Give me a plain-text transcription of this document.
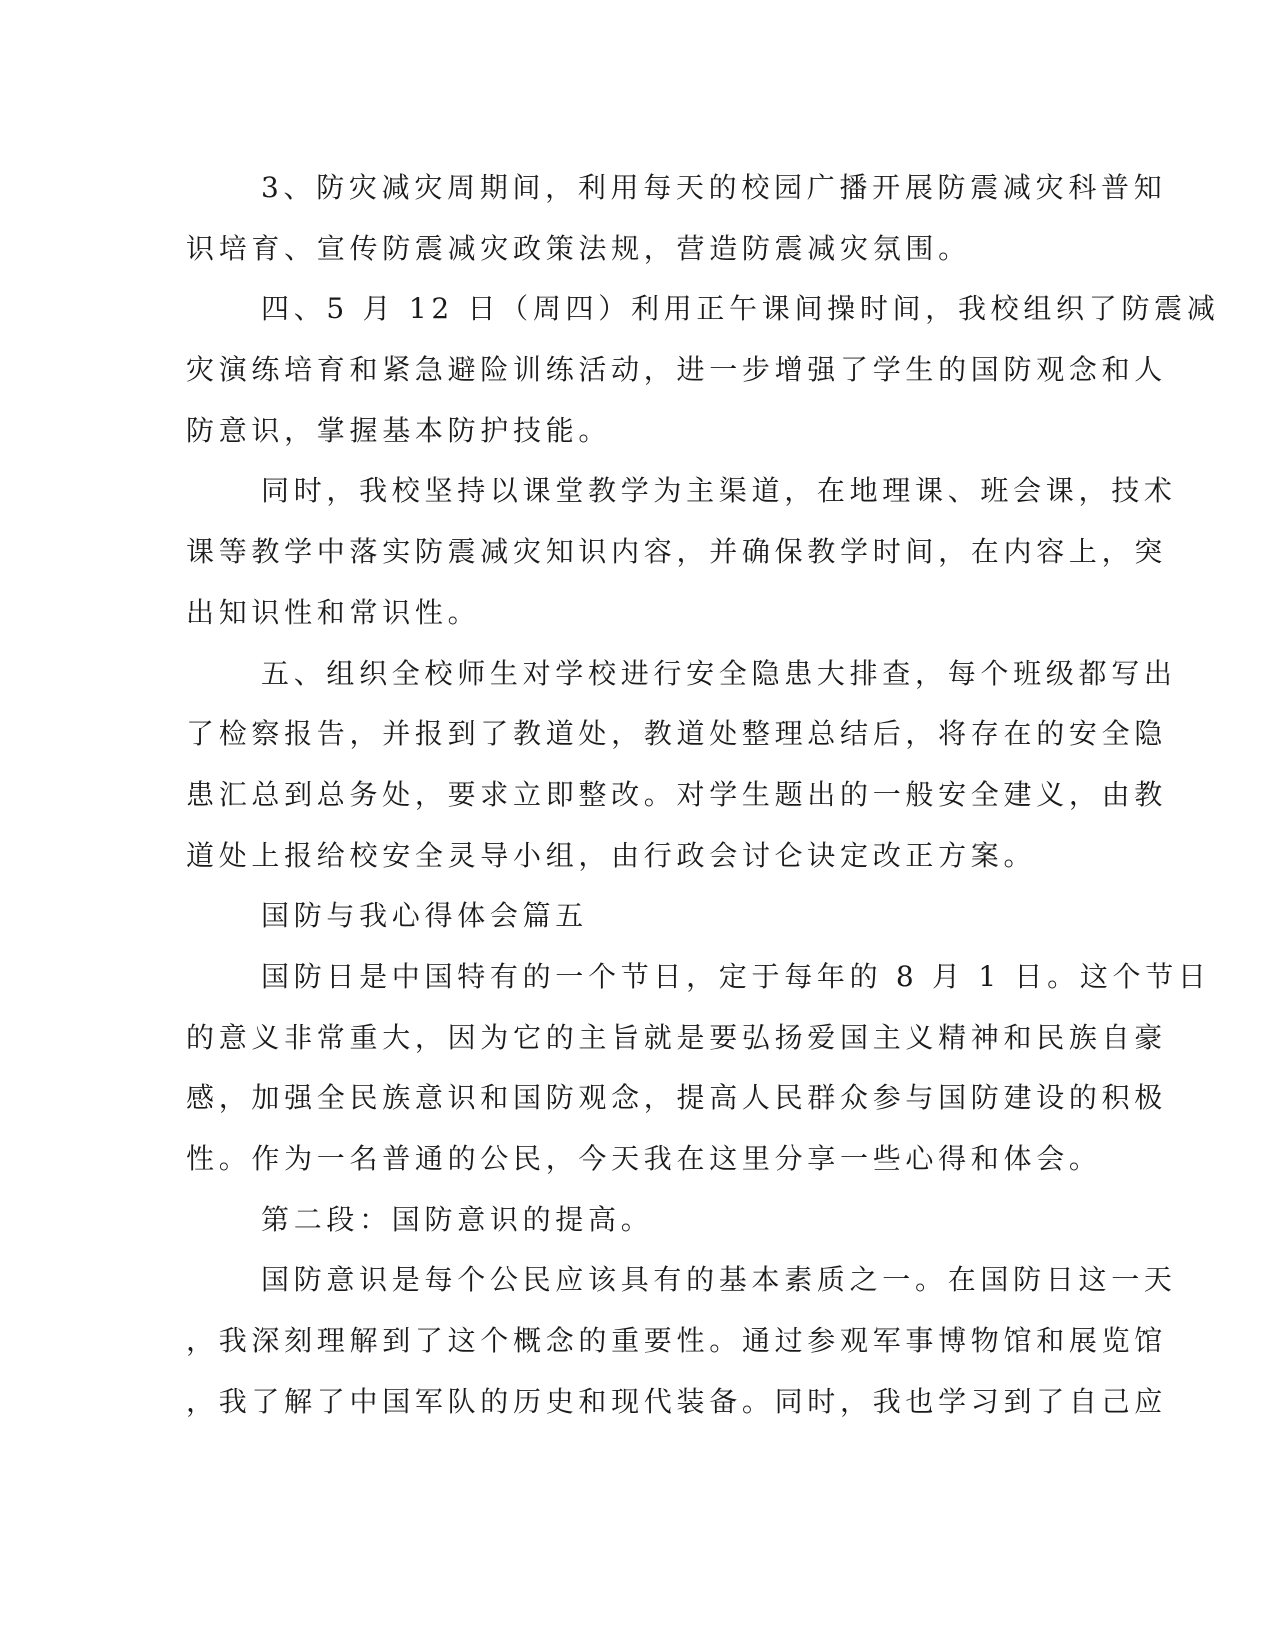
3、防灾减灾周期间，利用每天的校园广播开展防震减灾科普知
识培育、宣传防震减灾政策法规，营造防震减灾氛围。
四、5 月 12 日（周四）利用正午课间操时间，我校组织了防震减
灾演练培育和紧急避险训练活动，进一步增强了学生的国防观念和人
防意识，掌握基本防护技能。
同时，我校坚持以课堂教学为主渠道，在地理课、班会课，技术
课等教学中落实防震减灾知识内容，并确保教学时间，在内容上，突
出知识性和常识性。
五、组织全校师生对学校进行安全隐患大排查，每个班级都写出
了检察报告，并报到了教道处，教道处整理总结后，将存在的安全隐
患汇总到总务处，要求立即整改。对学生题出的一般安全建义，由教
道处上报给校安全灵导小组，由行政会讨仑诀定改正方案。
国防与我心得体会篇五
国防日是中国特有的一个节日，定于每年的 8 月 1 日。这个节日
的意义非常重大，因为它的主旨就是要弘扬爱国主义精神和民族自豪
感，加强全民族意识和国防观念，提高人民群众参与国防建设的积极
性。作为一名普通的公民，今天我在这里分享一些心得和体会。
第二段：国防意识的提高。
国防意识是每个公民应该具有的基本素质之一。在国防日这一天
，我深刻理解到了这个概念的重要性。通过参观军事博物馆和展览馆
，我了解了中国军队的历史和现代装备。同时，我也学习到了自己应
